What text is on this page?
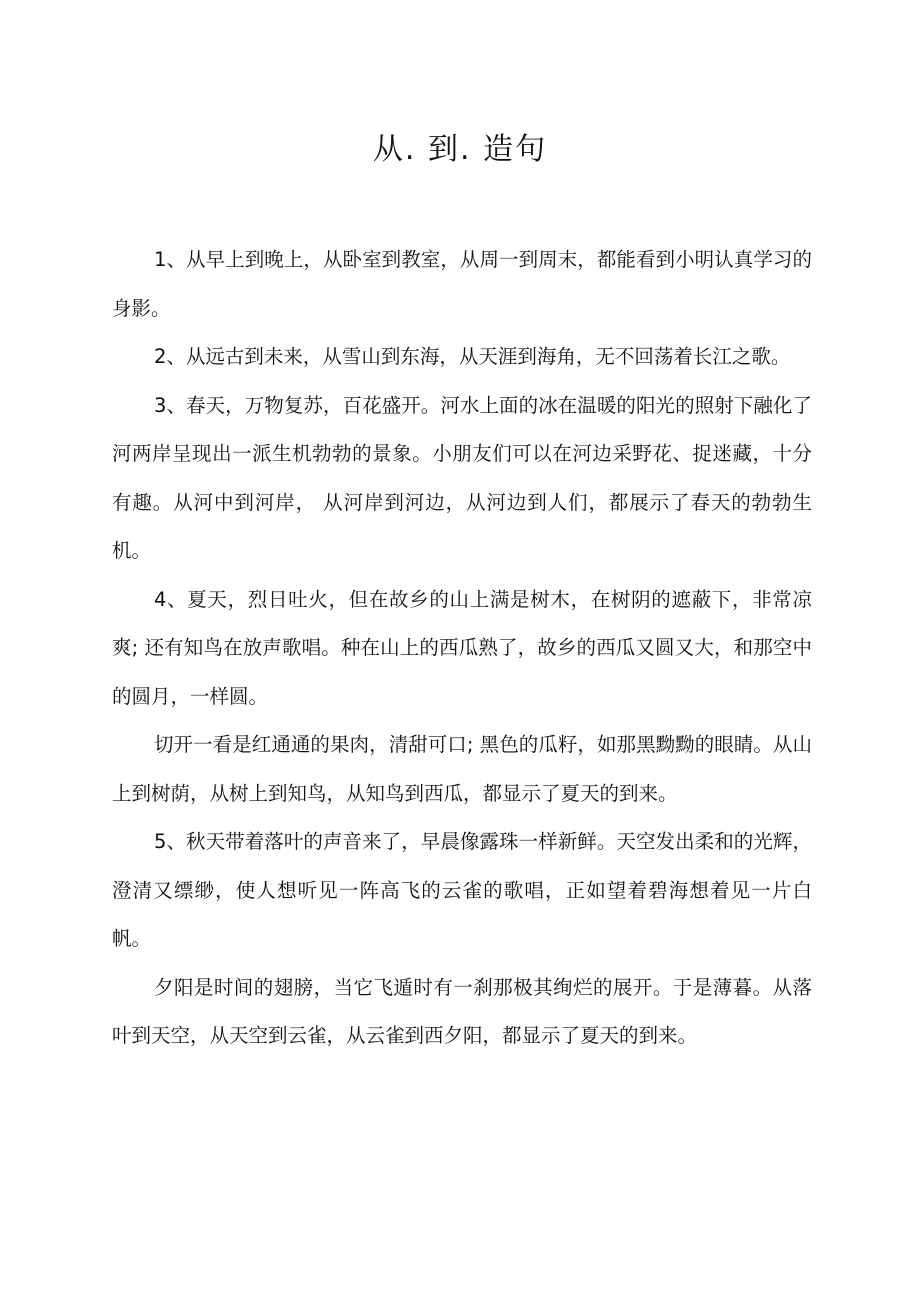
从. 到. 造句

1、从早上到晚上，从卧室到教室，从周一到周末，都能看到小明认真学习的身影。

2、从远古到未来，从雪山到东海，从天涯到海角，无不回荡着长江之歌。

3、春天，万物复苏，百花盛开。河水上面的冰在温暖的阳光的照射下融化了河两岸呈现出一派生机勃勃的景象。小朋友们可以在河边采野花、捉迷藏，十分有趣。从河中到河岸， 从河岸到河边，从河边到人们，都展示了春天的勃勃生机。

4、夏天，烈日吐火，但在故乡的山上满是树木，在树阴的遮蔽下，非常凉爽; 还有知鸟在放声歌唱。种在山上的西瓜熟了，故乡的西瓜又圆又大，和那空中的圆月，一样圆。

切开一看是红通通的果肉，清甜可口; 黑色的瓜籽，如那黑黝黝的眼睛。从山上到树荫，从树上到知鸟，从知鸟到西瓜，都显示了夏天的到来。

5、秋天带着落叶的声音来了，早晨像露珠一样新鲜。天空发出柔和的光辉，澄清又缥缈，使人想听见一阵高飞的云雀的歌唱，正如望着碧海想着见一片白帆。

夕阳是时间的翅膀，当它飞遁时有一刹那极其绚烂的展开。于是薄暮。从落叶到天空，从天空到云雀，从云雀到西夕阳，都显示了夏天的到来。
